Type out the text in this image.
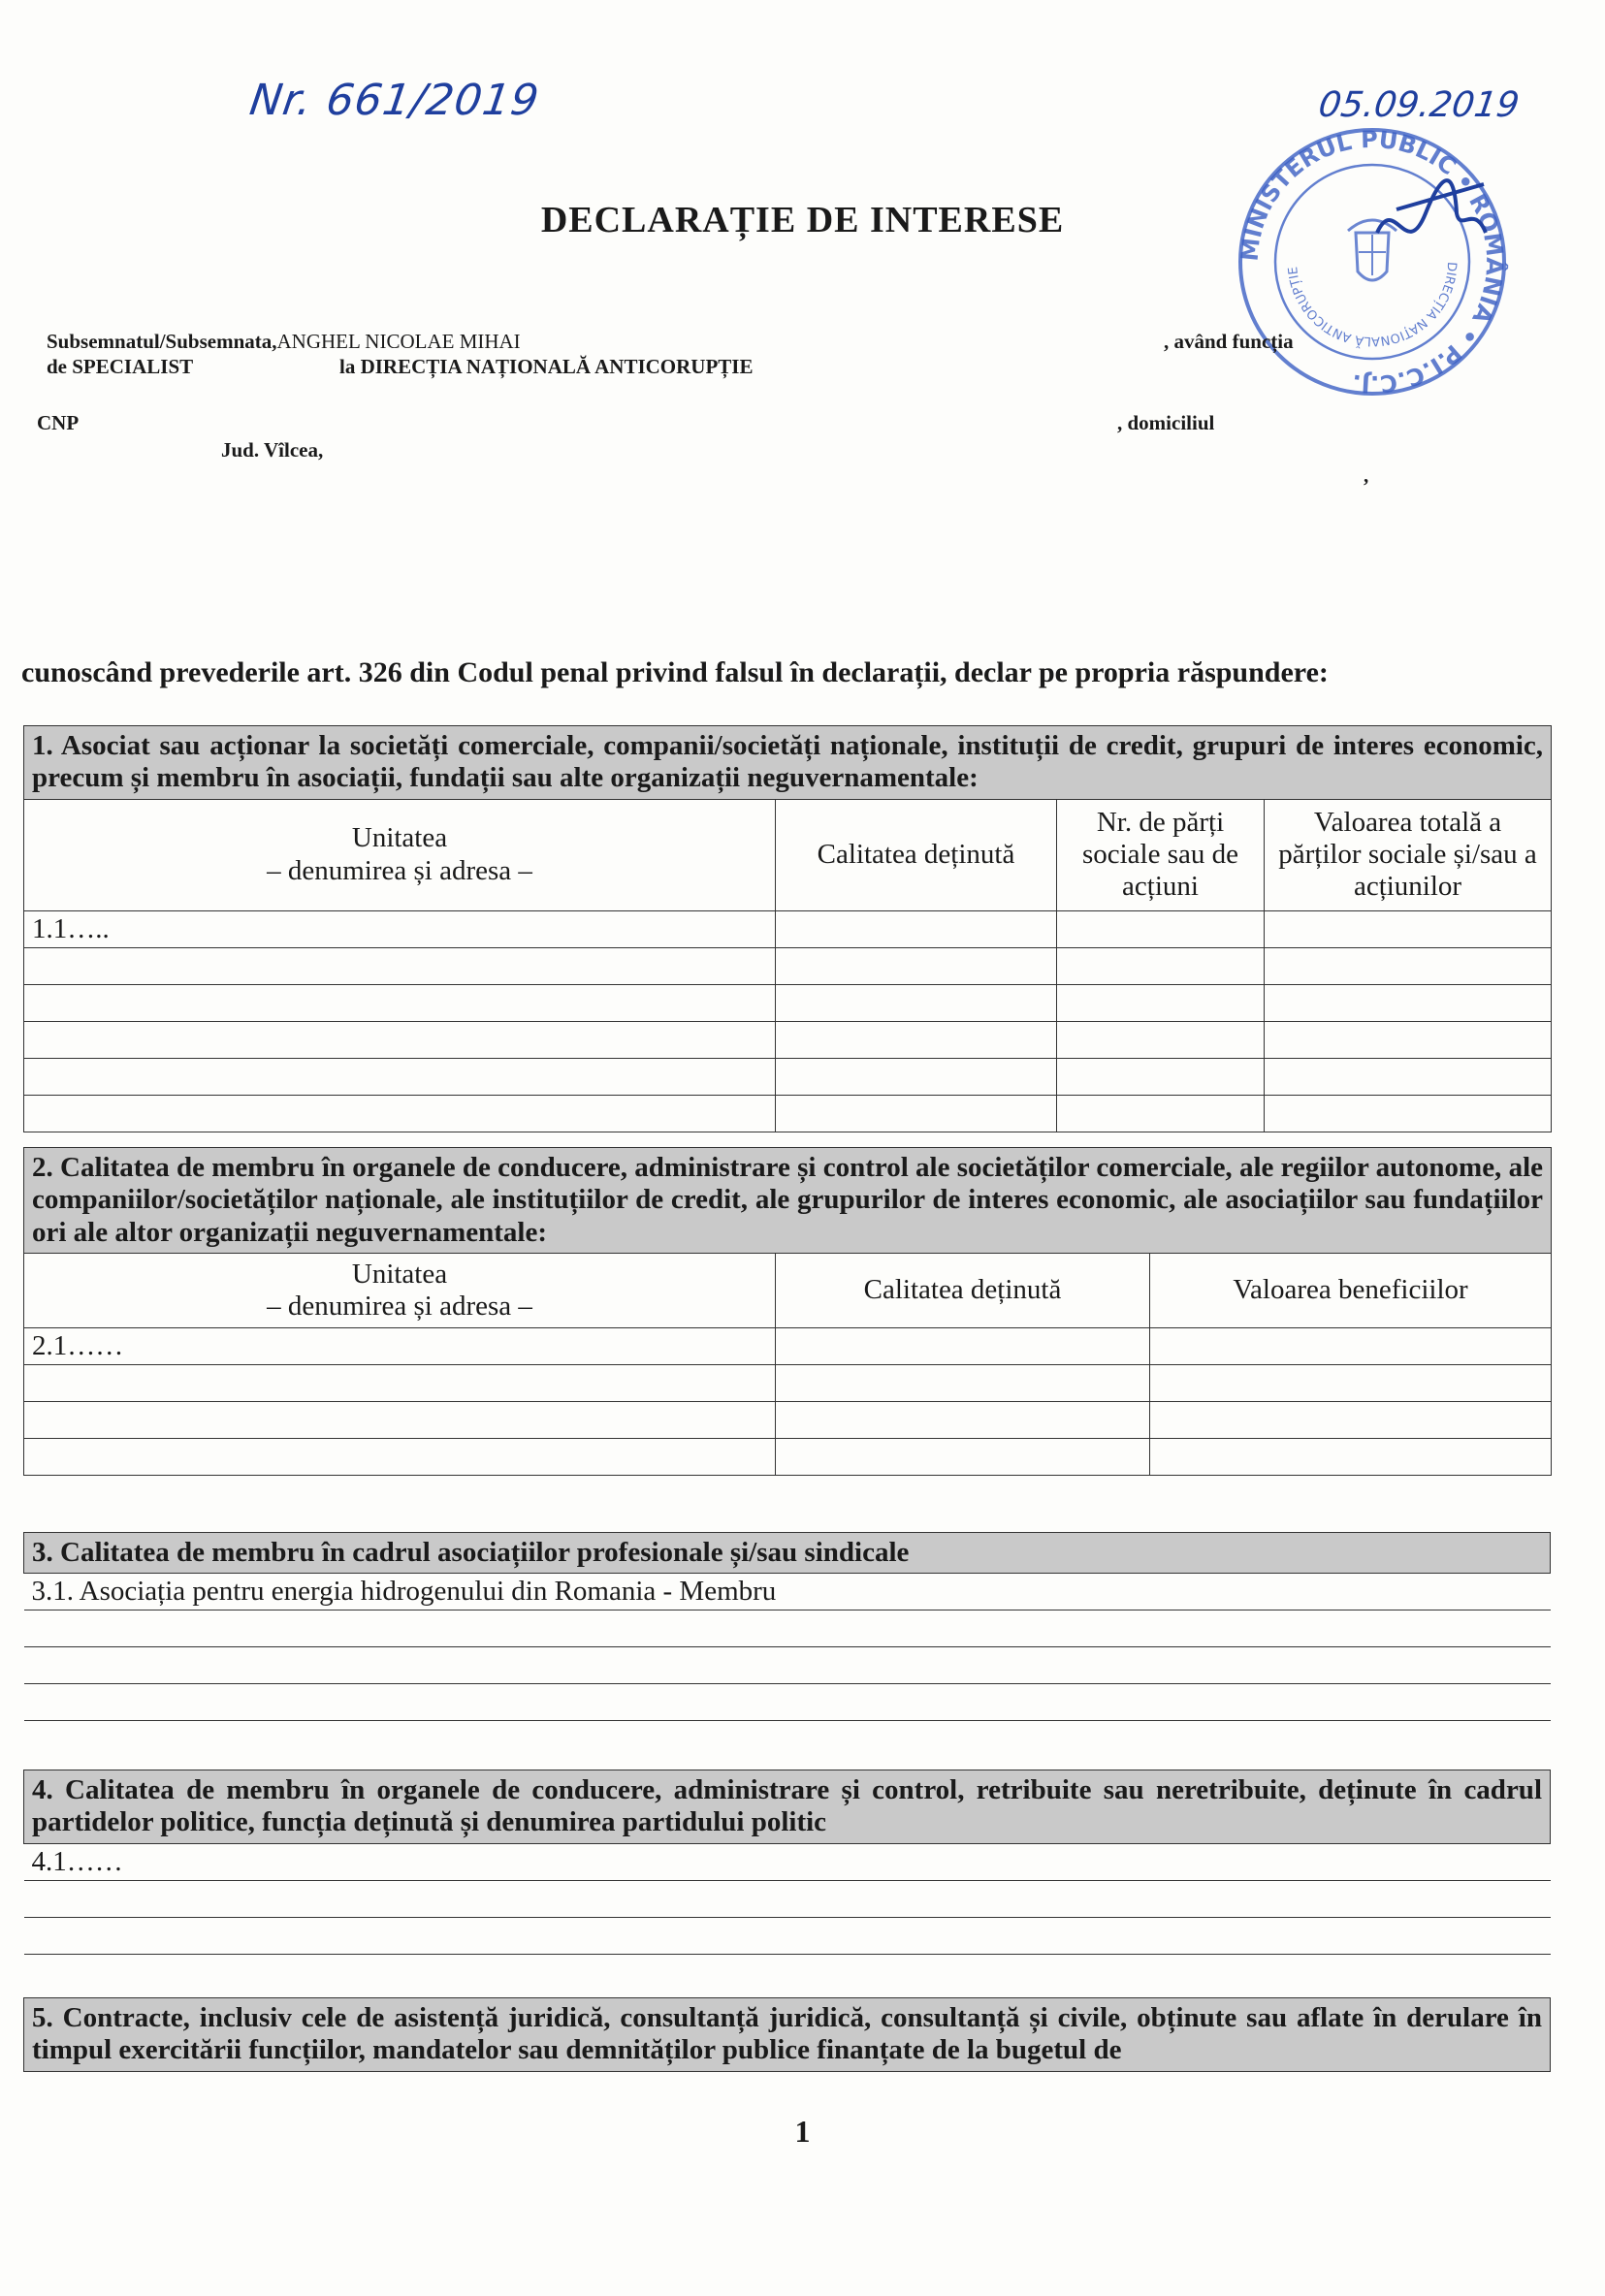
Nr. 661/2019	05.09.2019
MINISTERUL PUBLIC • ROMÂNIA • P.I.C.C.J.
DIRECȚIA NAȚIONALĂ ANTICORUPȚIE
DECLARAȚIE DE INTERESE
Subsemnatul/Subsemnata,ANGHEL NICOLAE MIHAI	, având funcția
de SPECIALIST	la DIRECȚIA NAȚIONALĂ ANTICORUPȚIE
CNP	, domiciliul
Jud. Vîlcea,
,
cunoscând prevederile art. 326 din Codul penal privind falsul în declarații, declar pe propria răspundere:
1. Asociat sau acționar la societăți comerciale, companii/societăți naționale, instituții de credit, grupuri de interes economic, precum și membru în asociații, fundații sau alte organizații neguvernamentale:			

Unitatea
– denumirea și adresa –	Calitatea deținută	Nr. de părți sociale sau de acțiuni	Valoarea totală a părților sociale și/sau a acțiunilor
1.1…..			

2. Calitatea de membru în organele de conducere, administrare și control ale societăților comerciale, ale regiilor autonome, ale companiilor/societăților naționale, ale instituțiilor de credit, ale grupurilor de interes economic, ale asociațiilor sau fundațiilor ori ale altor organizații neguvernamentale:		

Unitatea
– denumirea și adresa –	Calitatea deținută	Valoarea beneficiilor
2.1……		

3. Calitatea de membru în cadrul asociațiilor profesionale și/sau sindicale
3.1. Asociația pentru energia hidrogenului din Romania - Membru

4. Calitatea de membru în organele de conducere, administrare și control, retribuite sau neretribuite, deținute în cadrul partidelor politice, funcția deținută și denumirea partidului politic
4.1……

5. Contracte, inclusiv cele de asistență juridică, consultanță juridică, consultanță și civile, obținute sau aflate în derulare în timpul exercitării funcțiilor, mandatelor sau demnităților publice finanțate de la bugetul de
1
